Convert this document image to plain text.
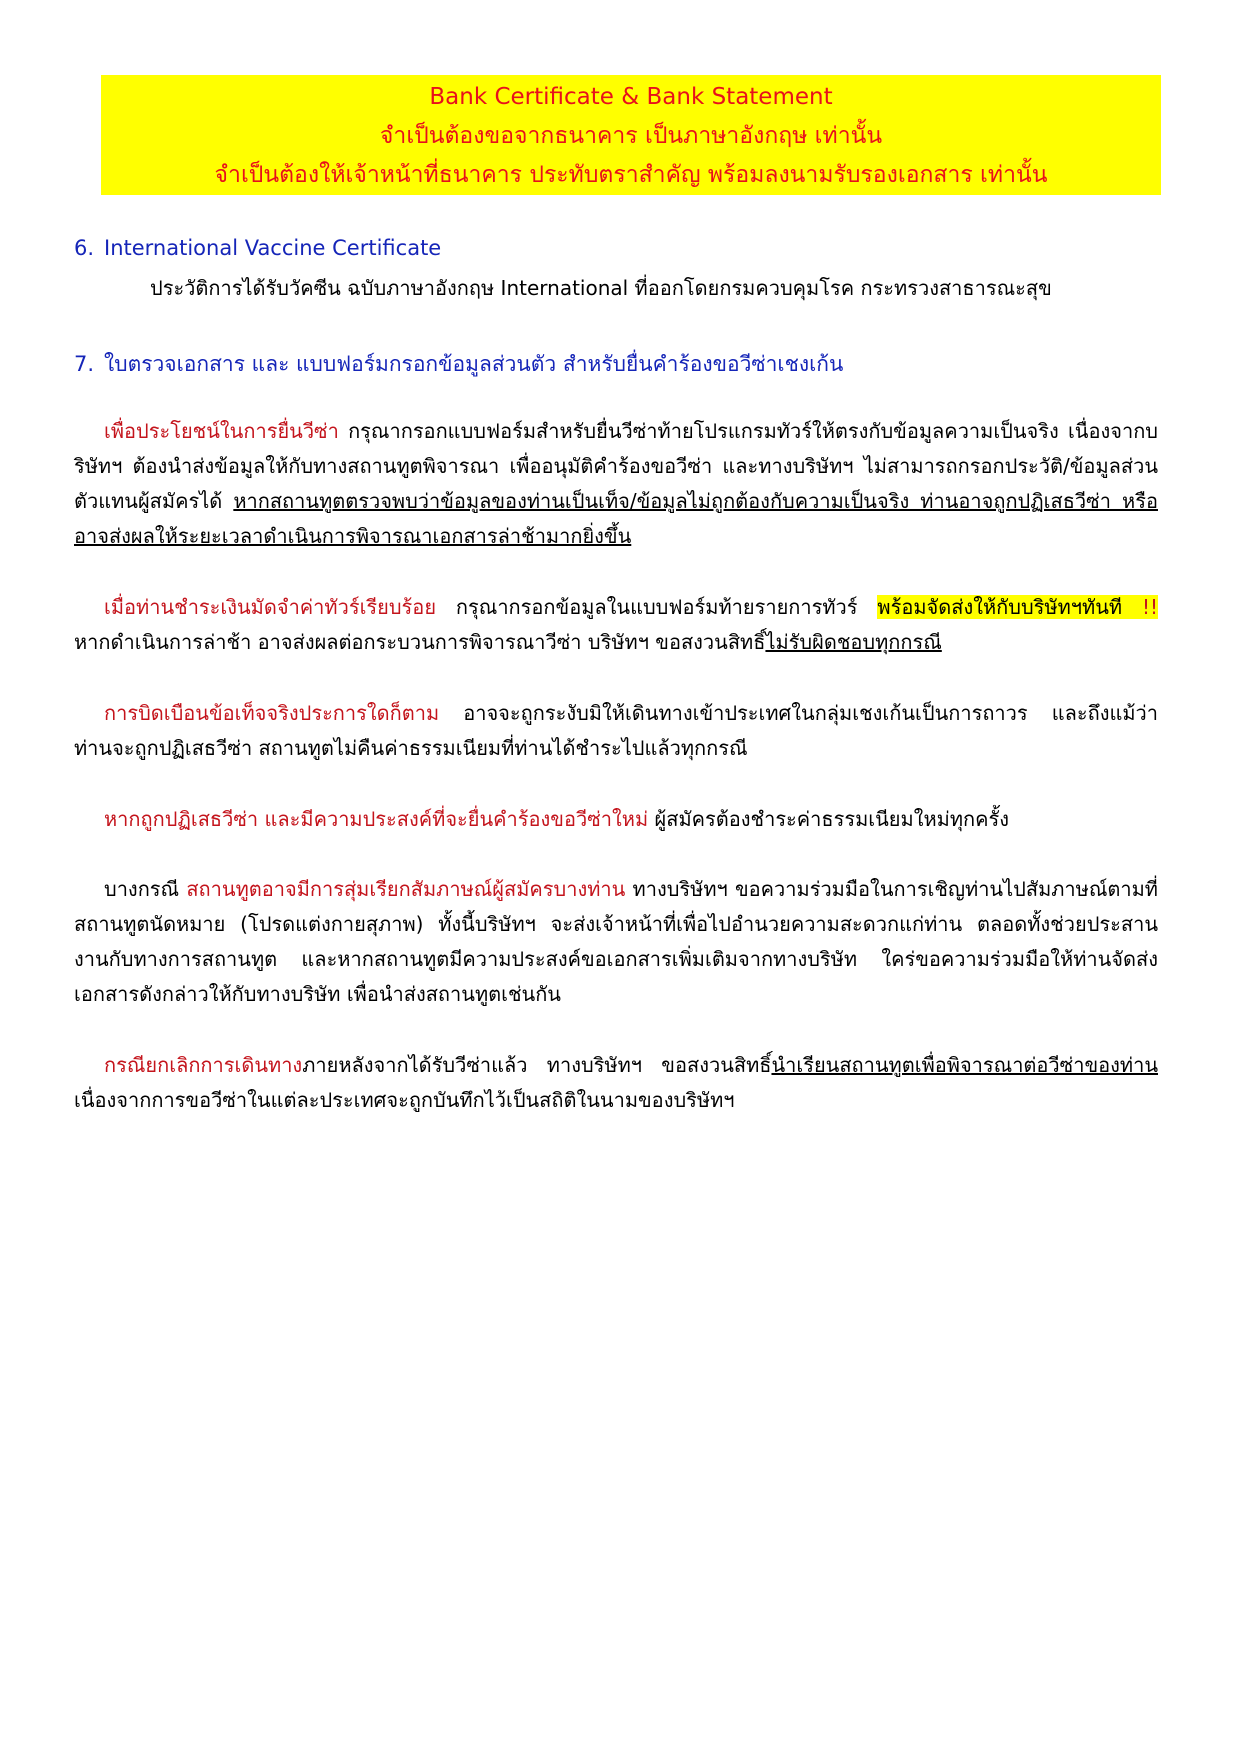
Bank Certificate & Bank Statement
จำเป็นต้องขอจากธนาคาร เป็นภาษาอังกฤษ เท่านั้น
จำเป็นต้องให้เจ้าหน้าที่ธนาคาร ประทับตราสำคัญ พร้อมลงนามรับรองเอกสาร เท่านั้น
6. International Vaccine Certificate
ประวัติการได้รับวัคซีน ฉบับภาษาอังกฤษ International ที่ออกโดยกรมควบคุมโรค กระทรวงสาธารณะสุข
7. ใบตรวจเอกสาร และ แบบฟอร์มกรอกข้อมูลส่วนตัว สำหรับยื่นคำร้องขอวีซ่าเชงเก้น

เพื่อประโยชน์ในการยื่นวีซ่า กรุณากรอกแบบฟอร์มสำหรับยื่นวีซ่าท้ายโปรแกรมทัวร์ให้ตรงกับข้อมูลความเป็นจริง เนื่องจากบริษัทฯ ต้องนำส่งข้อมูลให้กับทางสถานทูตพิจารณา เพื่ออนุมัติคำร้องขอวีซ่า และทางบริษัทฯ ไม่สามารถกรอกประวัติ/ข้อมูลส่วนตัวแทนผู้สมัครได้ หากสถานทูตตรวจพบว่าข้อมูลของท่านเป็นเท็จ/ข้อมูลไม่ถูกต้องกับความเป็นจริง ท่านอาจถูกปฏิเสธวีซ่า หรืออาจส่งผลให้ระยะเวลาดำเนินการพิจารณาเอกสารล่าช้ามากยิ่งขึ้น

เมื่อท่านชำระเงินมัดจำค่าทัวร์เรียบร้อย กรุณากรอกข้อมูลในแบบฟอร์มท้ายรายการทัวร์ พร้อมจัดส่งให้กับบริษัทฯทันที !! หากดำเนินการล่าช้า อาจส่งผลต่อกระบวนการพิจารณาวีซ่า บริษัทฯ ขอสงวนสิทธิ์ไม่รับผิดชอบทุกกรณี

การบิดเบือนข้อเท็จจริงประการใดก็ตาม อาจจะถูกระงับมิให้เดินทางเข้าประเทศในกลุ่มเชงเก้นเป็นการถาวร และถึงแม้ว่าท่านจะถูกปฏิเสธวีซ่า สถานทูตไม่คืนค่าธรรมเนียมที่ท่านได้ชำระไปแล้วทุกกรณี

หากถูกปฏิเสธวีซ่า และมีความประสงค์ที่จะยื่นคำร้องขอวีซ่าใหม่ ผู้สมัครต้องชำระค่าธรรมเนียมใหม่ทุกครั้ง

บางกรณี สถานทูตอาจมีการสุ่มเรียกสัมภาษณ์ผู้สมัครบางท่าน ทางบริษัทฯ ขอความร่วมมือในการเชิญท่านไปสัมภาษณ์ตามที่สถานทูตนัดหมาย (โปรดแต่งกายสุภาพ) ทั้งนี้บริษัทฯ จะส่งเจ้าหน้าที่เพื่อไปอำนวยความสะดวกแก่ท่าน ตลอดทั้งช่วยประสานงานกับทางการสถานทูต และหากสถานทูตมีความประสงค์ขอเอกสารเพิ่มเติมจากทางบริษัท ใคร่ขอความร่วมมือให้ท่านจัดส่งเอกสารดังกล่าวให้กับทางบริษัท เพื่อนำส่งสถานทูตเช่นกัน

กรณียกเลิกการเดินทางภายหลังจากได้รับวีซ่าแล้ว ทางบริษัทฯ ขอสงวนสิทธิ์นำเรียนสถานทูตเพื่อพิจารณาต่อวีซ่าของท่าน เนื่องจากการขอวีซ่าในแต่ละประเทศจะถูกบันทึกไว้เป็นสถิติในนามของบริษัทฯ
